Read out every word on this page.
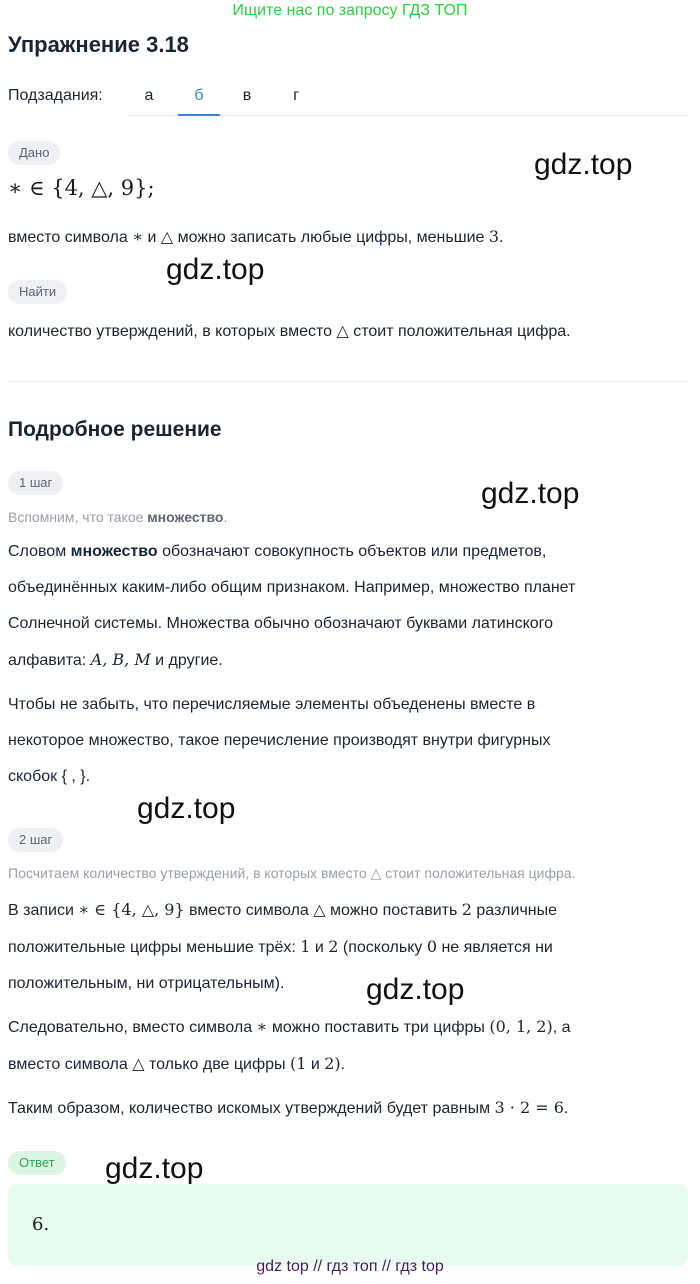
Ищите нас по запросу ГДЗ ТОП
Упражнение 3.18
Подзадания:	а	б	в	г
Дано
∗ ∈ {4, △, 9};
вместо символа ∗ и △ можно записать любые цифры, меньшие 3.
Найти
количество утверждений, в которых вместо △ стоит положительная цифра.
Подробное решение
1 шаг
Вспомним, что такое множество.
Словом множество обозначают совокупность объектов или предметов,
объединённых каким-либо общим признаком. Например, множество планет
Солнечной системы. Множества обычно обозначают буквами латинского
алфавита: A, B, M и другие.
Чтобы не забыть, что перечисляемые элементы объеденены вместе в
некоторое множество, такое перечисление производят внутри фигурных
скобок { , }.
2 шаг
Посчитаем количество утверждений, в которых вместо △ стоит положительная цифра.
В записи ∗ ∈ {4, △, 9} вместо символа △ можно поставить 2 различные
положительные цифры меньшие трёх: 1 и 2 (поскольку 0 не является ни
положительным, ни отрицательным).
Следовательно, вместо символа ∗ можно поставить три цифры (0, 1, 2), а
вместо символа △ только две цифры (1 и 2).
Таким образом, количество искомых утверждений будет равным 3 · 2 = 6.
Ответ
6.
gdz.top
gdz.top
gdz.top
gdz.top
gdz.top
gdz.top
gdz top // гдз топ // гдз top
